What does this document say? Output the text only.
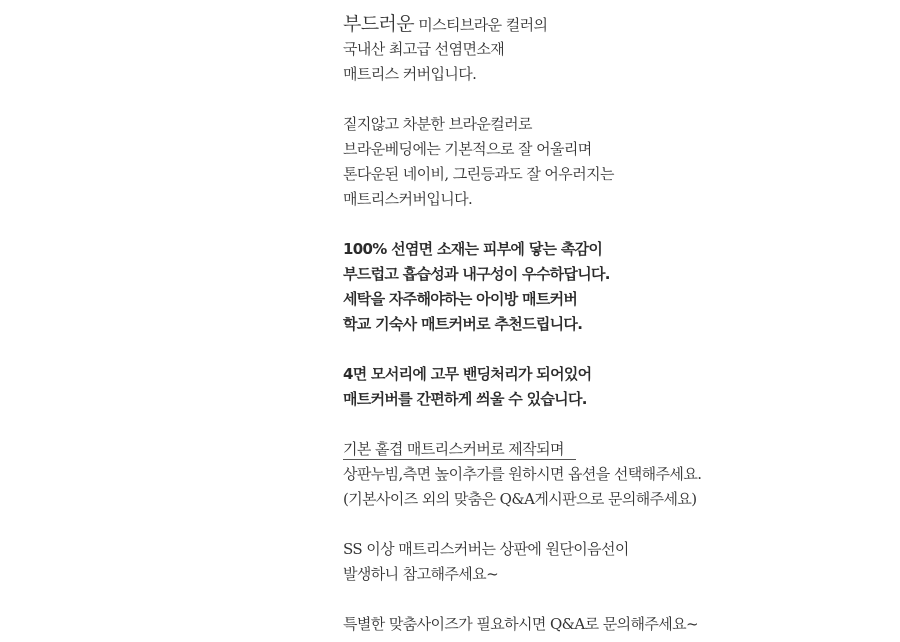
부드러운 미스티브라운 컬러의
국내산 최고급 선염면소재
매트리스 커버입니다.
짙지않고 차분한 브라운컬러로
브라운베딩에는 기본적으로 잘 어울리며
톤다운된 네이비, 그린등과도 잘 어우러지는
매트리스커버입니다.
100% 선염면 소재는 피부에 닿는 촉감이
부드럽고 흡습성과 내구성이 우수하답니다.
세탁을 자주해야하는 아이방 매트커버
학교 기숙사 매트커버로 추천드립니다.
4면 모서리에 고무 밴딩처리가 되어있어
매트커버를 간편하게 씌울 수 있습니다.
기본 홑겹 매트리스커버로 제작되며
상판누빔,측면 높이추가를 원하시면 옵션을 선택해주세요.
(기본사이즈 외의 맞춤은 Q&A게시판으로 문의해주세요)
SS 이상 매트리스커버는 상판에 원단이음선이
발생하니 참고해주세요~
특별한 맞춤사이즈가 필요하시면 Q&A로 문의해주세요~
